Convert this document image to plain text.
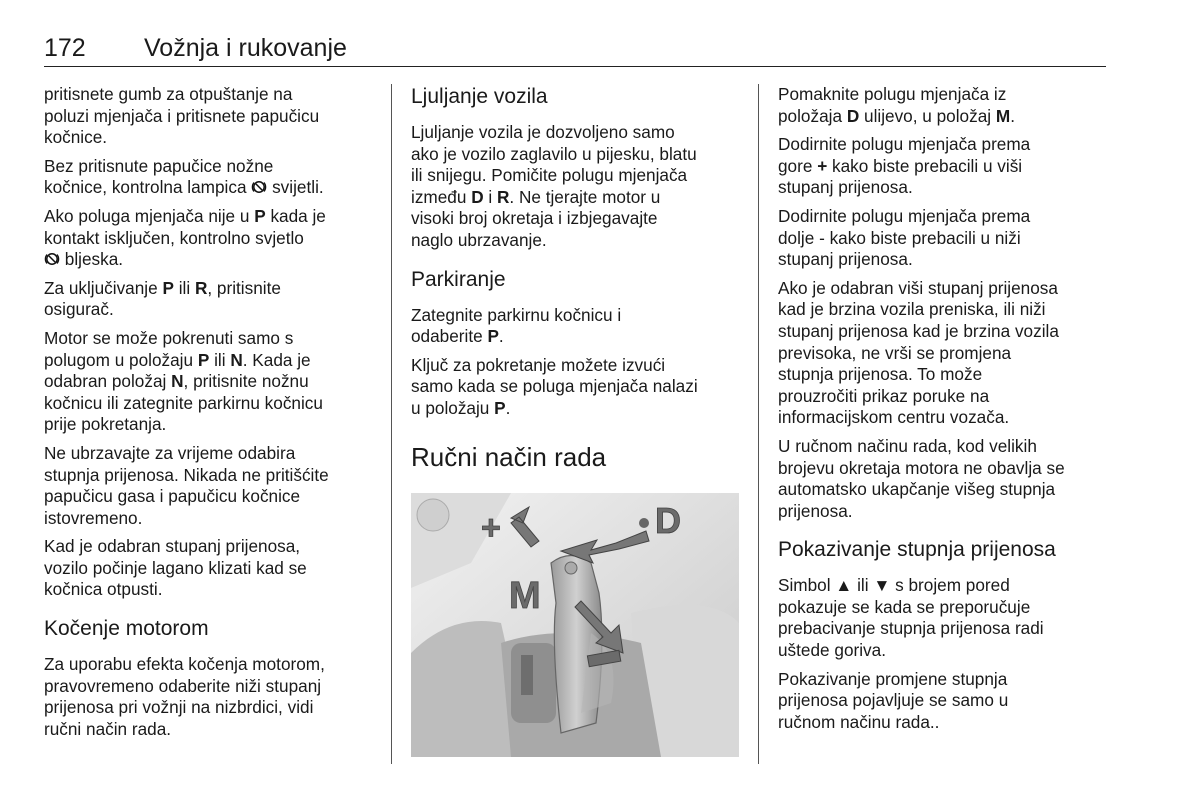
172 Vožnja i rukovanje

pritisnete gumb za otpuštanje na
poluzi mjenjača i pritisnete papučicu
kočnice.

Bez pritisnute papučice nožne
kočnice, kontrolna lampica  svijetli.

Ako poluga mjenjača nije u P kada je
kontakt isključen, kontrolno svjetlo
bljeska.

Za uključivanje P ili R, pritisnite
osigurač.

Motor se može pokrenuti samo s
polugom u položaju P ili N. Kada je
odabran položaj N, pritisnite nožnu
kočnicu ili zategnite parkirnu kočnicu
prije pokretanja.

Ne ubrzavajte za vrijeme odabira
stupnja prijenosa. Nikada ne pritišćite
papučicu gasa i papučicu kočnice
istovremeno.

Kad je odabran stupanj prijenosa,
vozilo počinje lagano klizati kad se
kočnica otpusti.

Kočenje motorom

Za uporabu efekta kočenja motorom,
pravovremeno odaberite niži stupanj
prijenosa pri vožnji na nizbrdici, vidi
ručni način rada.

Ljuljanje vozila

Ljuljanje vozila je dozvoljeno samo
ako je vozilo zaglavilo u pijesku, blatu
ili snijegu. Pomičite polugu mjenjača
između D i R. Ne tjerajte motor u
visoki broj okretaja i izbjegavajte
naglo ubrzavanje.

Parkiranje

Zategnite parkirnu kočnicu i
odaberite P.

Ključ za pokretanje možete izvući
samo kada se poluga mjenjača nalazi
u položaju P.

Ručni način rada
+	D
M

Pomaknite polugu mjenjača iz
položaja D ulijevo, u položaj M.

Dodirnite polugu mjenjača prema
gore + kako biste prebacili u viši
stupanj prijenosa.

Dodirnite polugu mjenjača prema
dolje - kako biste prebacili u niži
stupanj prijenosa.

Ako je odabran viši stupanj prijenosa
kad je brzina vozila preniska, ili niži
stupanj prijenosa kad je brzina vozila
previsoka, ne vrši se promjena
stupnja prijenosa. To može
prouzročiti prikaz poruke na
informacijskom centru vozača.

U ručnom načinu rada, kod velikih
brojevu okretaja motora ne obavlja se
automatsko ukapčanje višeg stupnja
prijenosa.

Pokazivanje stupnja prijenosa

Simbol ▲ ili ▼ s brojem pored
pokazuje se kada se preporučuje
prebacivanje stupnja prijenosa radi
uštede goriva.

Pokazivanje promjene stupnja
prijenosa pojavljuje se samo u
ručnom načinu rada..
